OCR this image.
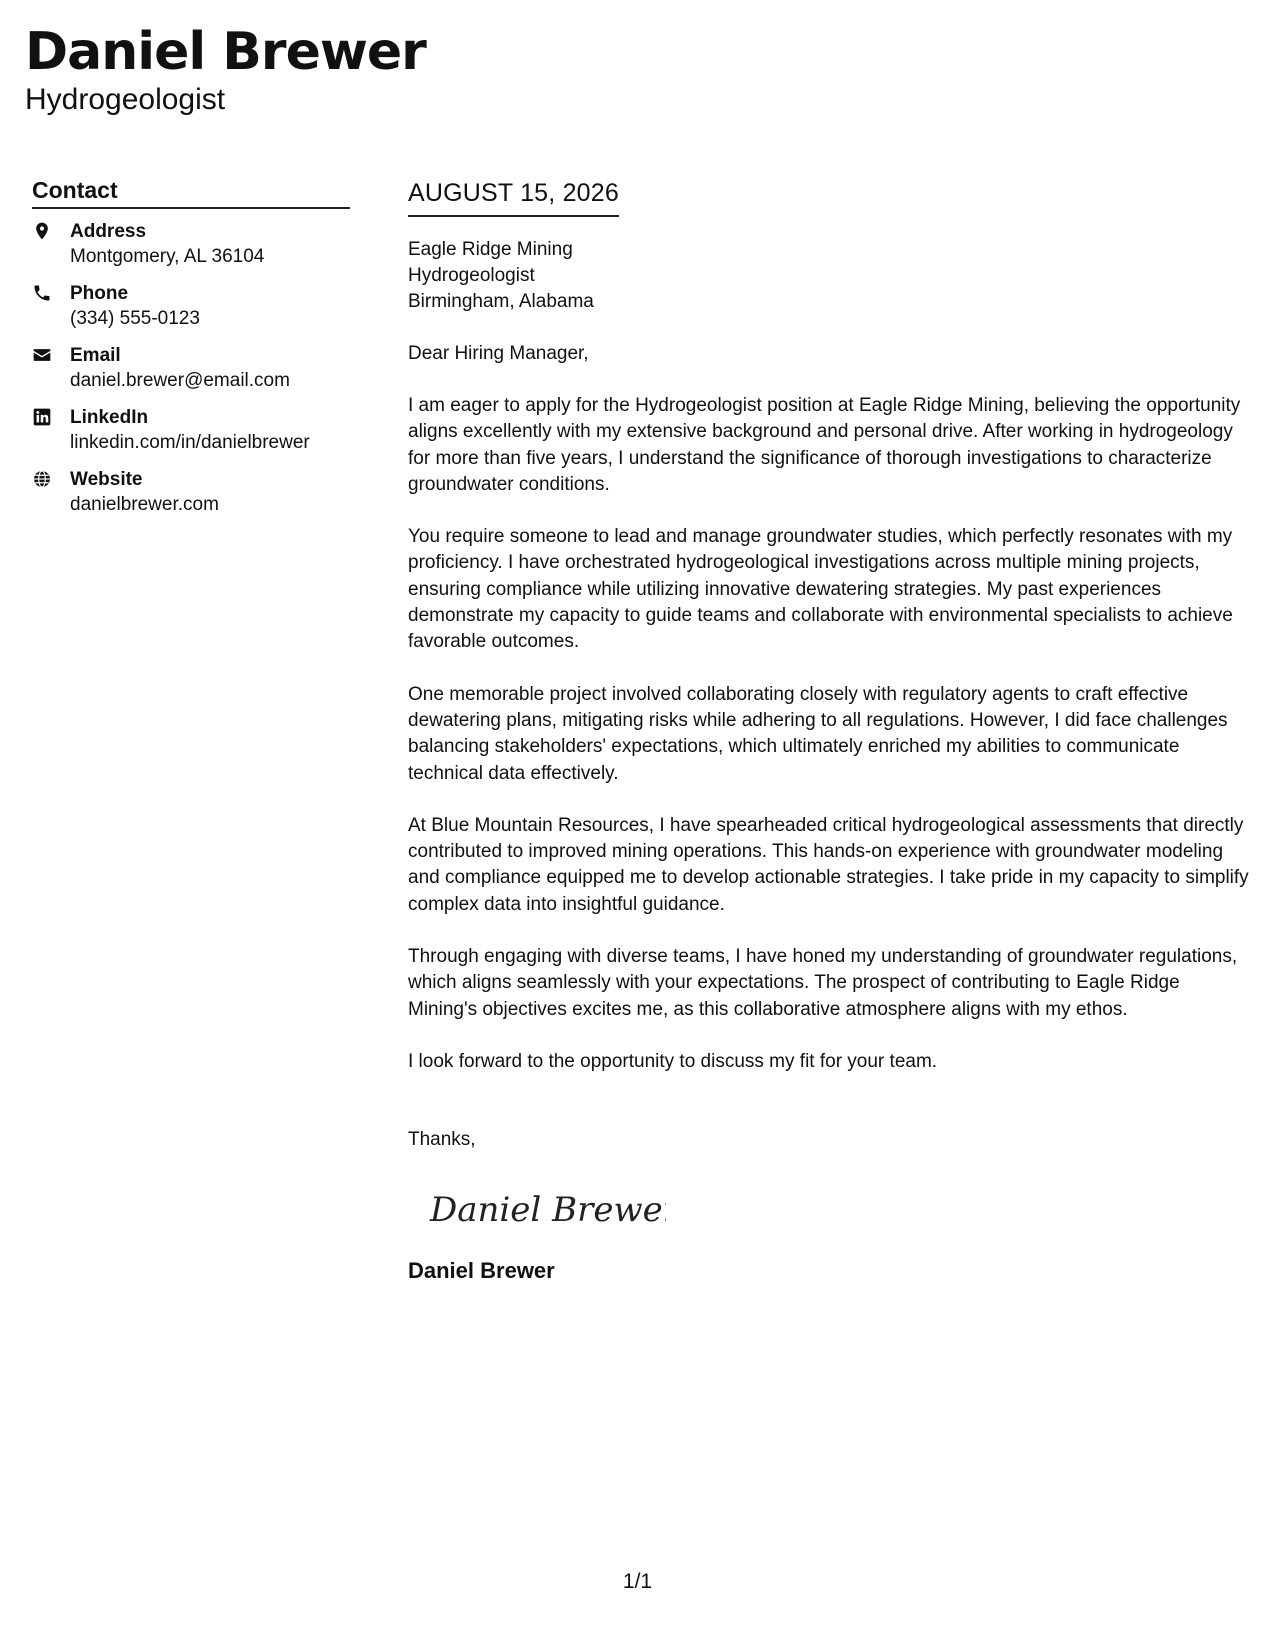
Daniel Brewer

Hydrogeologist

Contact
Address
Montgomery, AL 36104
Phone
(334) 555-0123
Email
daniel.brewer@email.com
LinkedIn
linkedin.com/in/danielbrewer
Website
danielbrewer.com
AUGUST 15, 2026

Eagle Ridge Mining

Hydrogeologist

Birmingham, Alabama

Dear Hiring Manager,

I am eager to apply for the Hydrogeologist position at Eagle Ridge Mining, believing the opportunity aligns excellently with my extensive background and personal drive. After working in hydrogeology for more than five years, I understand the significance of thorough investigations to characterize groundwater conditions.

You require someone to lead and manage groundwater studies, which perfectly resonates with my proficiency. I have orchestrated hydrogeological investigations across multiple mining projects, ensuring compliance while utilizing innovative dewatering strategies. My past experiences demonstrate my capacity to guide teams and collaborate with environmental specialists to achieve favorable outcomes.

One memorable project involved collaborating closely with regulatory agents to craft effective dewatering plans, mitigating risks while adhering to all regulations. However, I did face challenges balancing stakeholders' expectations, which ultimately enriched my abilities to communicate technical data effectively.

At Blue Mountain Resources, I have spearheaded critical hydrogeological assessments that directly contributed to improved mining operations. This hands-on experience with groundwater modeling and compliance equipped me to develop actionable strategies. I take pride in my capacity to simplify complex data into insightful guidance.

Through engaging with diverse teams, I have honed my understanding of groundwater regulations, which aligns seamlessly with your expectations. The prospect of contributing to Eagle Ridge Mining's objectives excites me, as this collaborative atmosphere aligns with my ethos.

I look forward to the opportunity to discuss my fit for your team.

Thanks,

Daniel Brewer

Daniel Brewer

1/1
